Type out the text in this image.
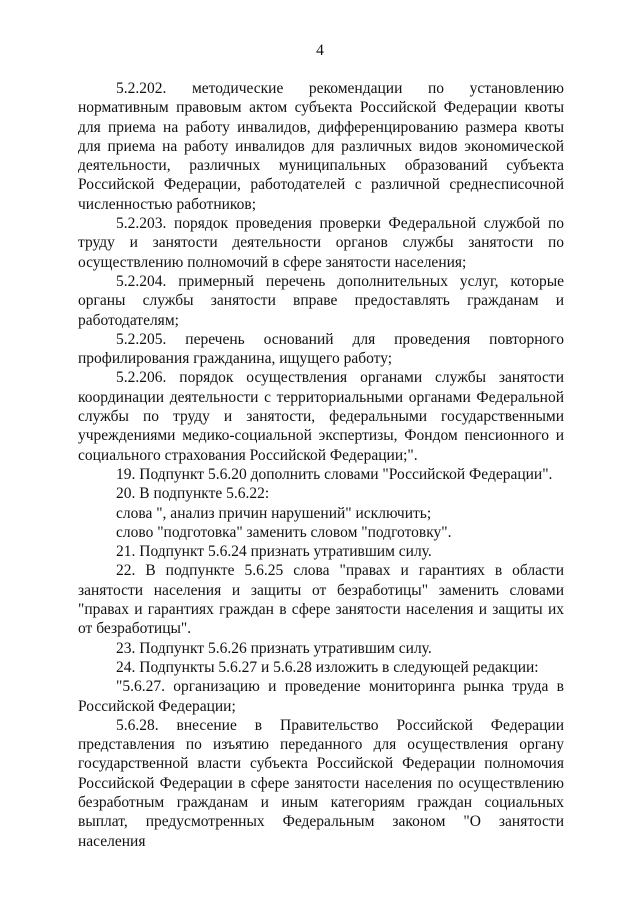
4

5.2.202. методические рекомендации по установлению нормативным правовым актом субъекта Российской Федерации квоты для приема на работу инвалидов, дифференцированию размера квоты для приема на работу инвалидов для различных видов экономической деятельности, различных муниципальных образований субъекта Российской Федерации, работодателей с различной среднесписочной численностью работников;

5.2.203. порядок проведения проверки Федеральной службой по труду и занятости деятельности органов службы занятости по осуществлению полномочий в сфере занятости населения;

5.2.204. примерный перечень дополнительных услуг, которые органы службы занятости вправе предоставлять гражданам и работодателям;

5.2.205. перечень оснований для проведения повторного профилирования гражданина, ищущего работу;

5.2.206. порядок осуществления органами службы занятости координации деятельности с территориальными органами Федеральной службы по труду и занятости, федеральными государственными учреждениями медико-социальной экспертизы, Фондом пенсионного и социального страхования Российской Федерации;".

19. Подпункт 5.6.20 дополнить словами "Российской Федерации".

20. В подпункте 5.6.22:

слова ", анализ причин нарушений" исключить;

слово "подготовка" заменить словом "подготовку".

21. Подпункт 5.6.24 признать утратившим силу.

22. В подпункте 5.6.25 слова "правах и гарантиях в области занятости населения и защиты от безработицы" заменить словами "правах и гарантиях граждан в сфере занятости населения и защиты их от безработицы".

23. Подпункт 5.6.26 признать утратившим силу.

24. Подпункты 5.6.27 и 5.6.28 изложить в следующей редакции:

"5.6.27. организацию и проведение мониторинга рынка труда в Российской Федерации;

5.6.28. внесение в Правительство Российской Федерации представления по изъятию переданного для осуществления органу государственной власти субъекта Российской Федерации полномочия Российской Федерации в сфере занятости населения по осуществлению безработным гражданам и иным категориям граждан социальных выплат, предусмотренных Федеральным законом "О занятости населения
